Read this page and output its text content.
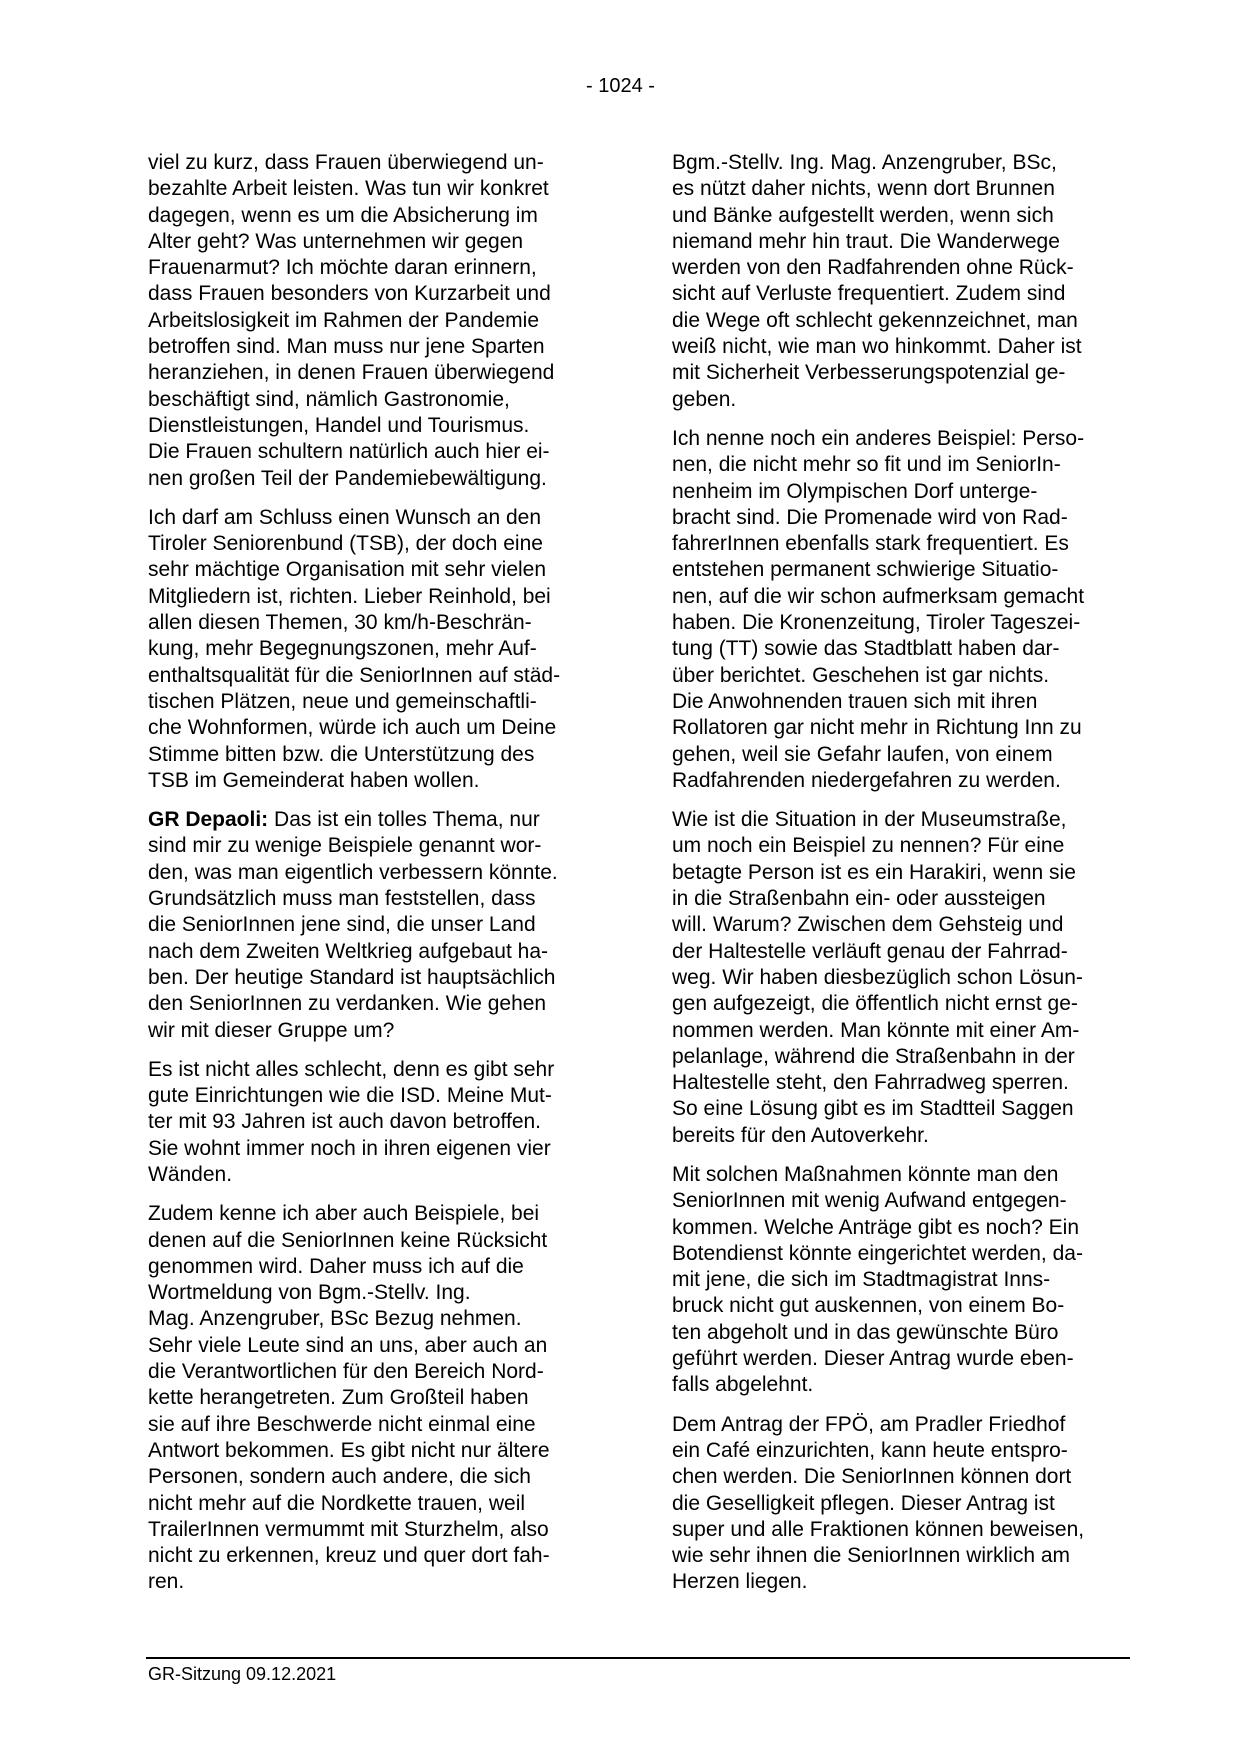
- 1024 -

viel zu kurz, dass Frauen überwiegend un-
bezahlte Arbeit leisten. Was tun wir konkret
dagegen, wenn es um die Absicherung im
Alter geht? Was unternehmen wir gegen
Frauenarmut? Ich möchte daran erinnern,
dass Frauen besonders von Kurzarbeit und
Arbeitslosigkeit im Rahmen der Pandemie
betroffen sind. Man muss nur jene Sparten
heranziehen, in denen Frauen überwiegend
beschäftigt sind, nämlich Gastronomie,
Dienstleistungen, Handel und Tourismus.
Die Frauen schultern natürlich auch hier ei-
nen großen Teil der Pandemiebewältigung.

Ich darf am Schluss einen Wunsch an den
Tiroler Seniorenbund (TSB), der doch eine
sehr mächtige Organisation mit sehr vielen
Mitgliedern ist, richten. Lieber Reinhold, bei
allen diesen Themen, 30 km/h-Beschrän-
kung, mehr Begegnungszonen, mehr Auf-
enthaltsqualität für die SeniorInnen auf städ-
tischen Plätzen, neue und gemeinschaftli-
che Wohnformen, würde ich auch um Deine
Stimme bitten bzw. die Unterstützung des
TSB im Gemeinderat haben wollen.

GR Depaoli: Das ist ein tolles Thema, nur
sind mir zu wenige Beispiele genannt wor-
den, was man eigentlich verbessern könnte.
Grundsätzlich muss man feststellen, dass
die SeniorInnen jene sind, die unser Land
nach dem Zweiten Weltkrieg aufgebaut ha-
ben. Der heutige Standard ist hauptsächlich
den SeniorInnen zu verdanken. Wie gehen
wir mit dieser Gruppe um?

Es ist nicht alles schlecht, denn es gibt sehr
gute Einrichtungen wie die ISD. Meine Mut-
ter mit 93 Jahren ist auch davon betroffen.
Sie wohnt immer noch in ihren eigenen vier
Wänden.

Zudem kenne ich aber auch Beispiele, bei
denen auf die SeniorInnen keine Rücksicht
genommen wird. Daher muss ich auf die
Wortmeldung von Bgm.-Stellv. Ing.
Mag. Anzengruber, BSc Bezug nehmen.
Sehr viele Leute sind an uns, aber auch an
die Verantwortlichen für den Bereich Nord-
kette herangetreten. Zum Großteil haben
sie auf ihre Beschwerde nicht einmal eine
Antwort bekommen. Es gibt nicht nur ältere
Personen, sondern auch andere, die sich
nicht mehr auf die Nordkette trauen, weil
TrailerInnen vermummt mit Sturzhelm, also
nicht zu erkennen, kreuz und quer dort fah-
ren.

Bgm.-Stellv. Ing. Mag. Anzengruber, BSc,
es nützt daher nichts, wenn dort Brunnen
und Bänke aufgestellt werden, wenn sich
niemand mehr hin traut. Die Wanderwege
werden von den Radfahrenden ohne Rück-
sicht auf Verluste frequentiert. Zudem sind
die Wege oft schlecht gekennzeichnet, man
weiß nicht, wie man wo hinkommt. Daher ist
mit Sicherheit Verbesserungspotenzial ge-
geben.

Ich nenne noch ein anderes Beispiel: Perso-
nen, die nicht mehr so fit und im SeniorIn-
nenheim im Olympischen Dorf unterge-
bracht sind. Die Promenade wird von Rad-
fahrerInnen ebenfalls stark frequentiert. Es
entstehen permanent schwierige Situatio-
nen, auf die wir schon aufmerksam gemacht
haben. Die Kronenzeitung, Tiroler Tageszei-
tung (TT) sowie das Stadtblatt haben dar-
über berichtet. Geschehen ist gar nichts.
Die Anwohnenden trauen sich mit ihren
Rollatoren gar nicht mehr in Richtung Inn zu
gehen, weil sie Gefahr laufen, von einem
Radfahrenden niedergefahren zu werden.

Wie ist die Situation in der Museumstraße,
um noch ein Beispiel zu nennen? Für eine
betagte Person ist es ein Harakiri, wenn sie
in die Straßenbahn ein- oder aussteigen
will. Warum? Zwischen dem Gehsteig und
der Haltestelle verläuft genau der Fahrrad-
weg. Wir haben diesbezüglich schon Lösun-
gen aufgezeigt, die öffentlich nicht ernst ge-
nommen werden. Man könnte mit einer Am-
pelanlage, während die Straßenbahn in der
Haltestelle steht, den Fahrradweg sperren.
So eine Lösung gibt es im Stadtteil Saggen
bereits für den Autoverkehr.

Mit solchen Maßnahmen könnte man den
SeniorInnen mit wenig Aufwand entgegen-
kommen. Welche Anträge gibt es noch? Ein
Botendienst könnte eingerichtet werden, da-
mit jene, die sich im Stadtmagistrat Inns-
bruck nicht gut auskennen, von einem Bo-
ten abgeholt und in das gewünschte Büro
geführt werden. Dieser Antrag wurde eben-
falls abgelehnt.

Dem Antrag der FPÖ, am Pradler Friedhof
ein Café einzurichten, kann heute entspro-
chen werden. Die SeniorInnen können dort
die Geselligkeit pflegen. Dieser Antrag ist
super und alle Fraktionen können beweisen,
wie sehr ihnen die SeniorInnen wirklich am
Herzen liegen.

GR-Sitzung 09.12.2021
